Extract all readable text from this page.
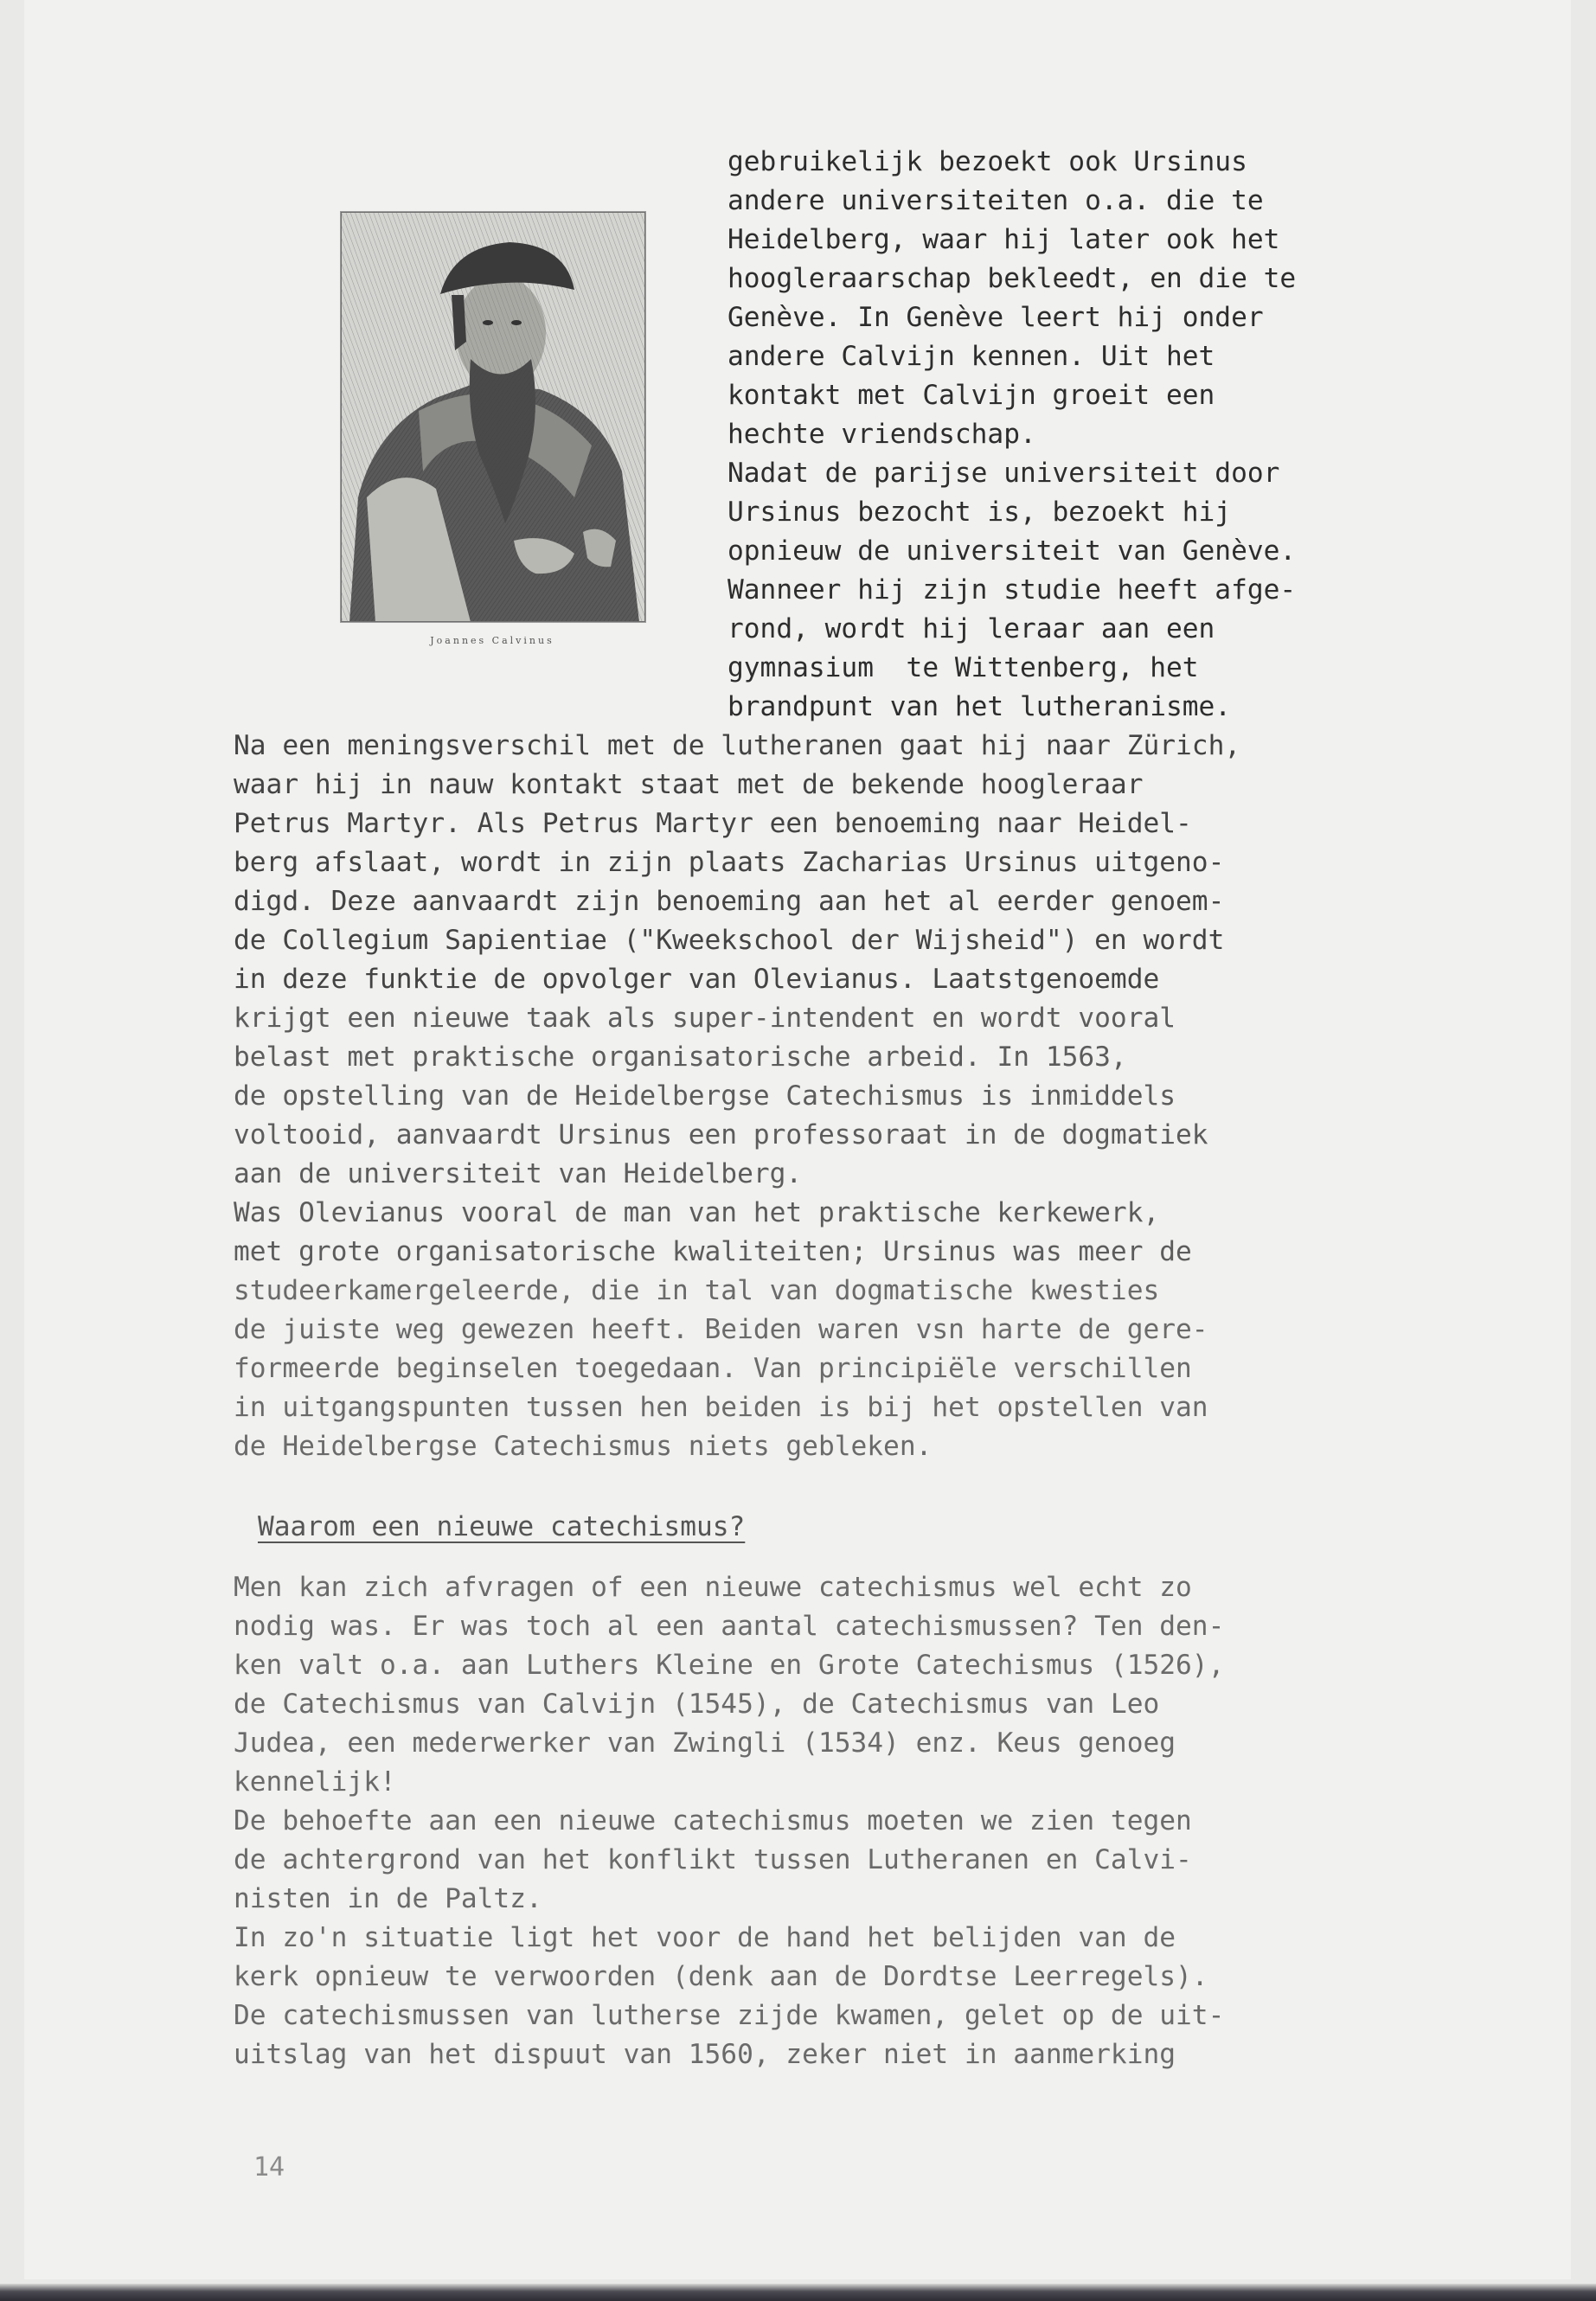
Joannes Calvinus
gebruikelijk bezoekt ook Ursinus
andere universiteiten o.a. die te
Heidelberg, waar hij later ook het
hoogleraarschap bekleedt, en die te
Genève. In Genève leert hij onder
andere Calvijn kennen. Uit het
kontakt met Calvijn groeit een
hechte vriendschap.
Nadat de parijse universiteit door
Ursinus bezocht is, bezoekt hij
opnieuw de universiteit van Genève.
Wanneer hij zijn studie heeft afge-
rond, wordt hij leraar aan een
gymnasium  te Wittenberg, het
brandpunt van het lutheranisme.
Na een meningsverschil met de lutheranen gaat hij naar Zürich,
waar hij in nauw kontakt staat met de bekende hoogleraar
Petrus Martyr. Als Petrus Martyr een benoeming naar Heidel-
berg afslaat, wordt in zijn plaats Zacharias Ursinus uitgeno-
digd. Deze aanvaardt zijn benoeming aan het al eerder genoem-
de Collegium Sapientiae ("Kweekschool der Wijsheid") en wordt
in deze funktie de opvolger van Olevianus. Laatstgenoemde
krijgt een nieuwe taak als super-intendent en wordt vooral
belast met praktische organisatorische arbeid. In 1563,
de opstelling van de Heidelbergse Catechismus is inmiddels
voltooid, aanvaardt Ursinus een professoraat in de dogmatiek
aan de universiteit van Heidelberg.
Was Olevianus vooral de man van het praktische kerkewerk,
met grote organisatorische kwaliteiten; Ursinus was meer de
studeerkamergeleerde, die in tal van dogmatische kwesties
de juiste weg gewezen heeft. Beiden waren vsn harte de gere-
formeerde beginselen toegedaan. Van principiële verschillen
in uitgangspunten tussen hen beiden is bij het opstellen van
de Heidelbergse Catechismus niets gebleken.
Waarom een nieuwe catechismus?
Men kan zich afvragen of een nieuwe catechismus wel echt zo
nodig was. Er was toch al een aantal catechismussen? Ten den-
ken valt o.a. aan Luthers Kleine en Grote Catechismus (1526),
de Catechismus van Calvijn (1545), de Catechismus van Leo
Judea, een mederwerker van Zwingli (1534) enz. Keus genoeg
kennelijk!
De behoefte aan een nieuwe catechismus moeten we zien tegen
de achtergrond van het konflikt tussen Lutheranen en Calvi-
nisten in de Paltz.
In zo'n situatie ligt het voor de hand het belijden van de
kerk opnieuw te verwoorden (denk aan de Dordtse Leerregels).
De catechismussen van lutherse zijde kwamen, gelet op de uit-
uitslag van het dispuut van 1560, zeker niet in aanmerking
14
